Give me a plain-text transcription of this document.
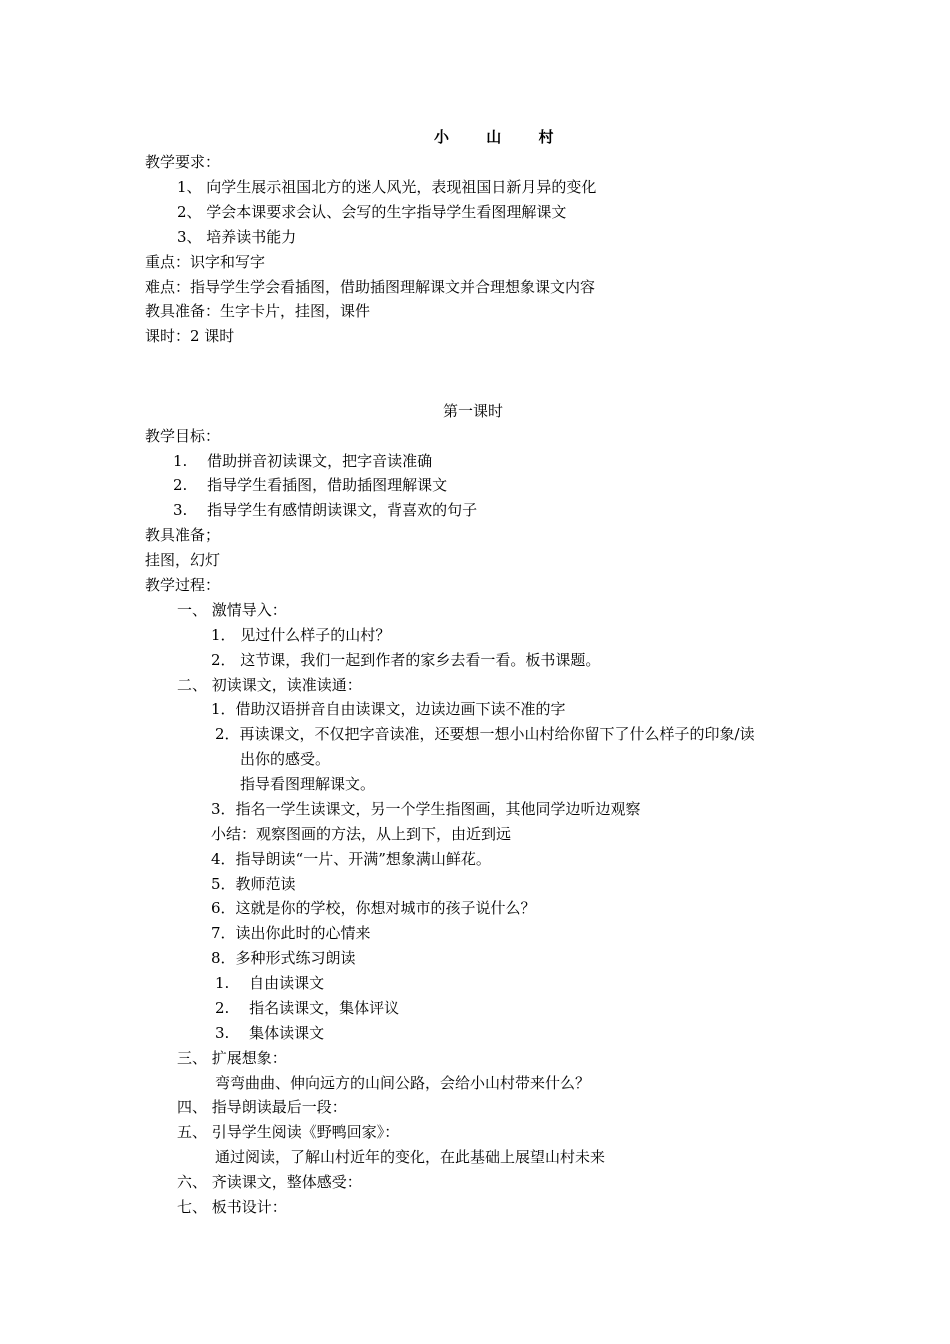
小 山 村
教学要求：
1、 向学生展示祖国北方的迷人风光，表现祖国日新月异的变化
2、 学会本课要求会认、会写的生字指导学生看图理解课文
3、 培养读书能力
重点：识字和写字
难点：指导学生学会看插图，借助插图理解课文并合理想象课文内容
教具准备：生字卡片，挂图，课件
课时：2 课时
第一课时
教学目标：
1.　 借助拼音初读课文，把字音读准确
2.　 指导学生看插图，借助插图理解课文
3.　 指导学生有感情朗读课文，背喜欢的句子
教具准备；
挂图，幻灯
教学过程：
一、 激情导入：
1． 见过什么样子的山村？
2． 这节课，我们一起到作者的家乡去看一看。板书课题。
二、 初读课文，读准读通：
1．借助汉语拼音自由读课文，边读边画下读不准的字
2．再读课文，不仅把字音读准，还要想一想小山村给你留下了什么样子的印象/读
出你的感受。
指导看图理解课文。
3．指名一学生读课文，另一个学生指图画，其他同学边听边观察
小结：观察图画的方法，从上到下，由近到远
4．指导朗读“一片、开满”想象满山鲜花。
5．教师范读
6．这就是你的学校，你想对城市的孩子说什么？
7．读出你此时的心情来
8．多种形式练习朗读
1.　 自由读课文
2.　 指名读课文，集体评议
3.　 集体读课文
三、 扩展想象：
弯弯曲曲、伸向远方的山间公路，会给小山村带来什么？
四、 指导朗读最后一段：
五、 引导学生阅读《野鸭回家》：
通过阅读，了解山村近年的变化，在此基础上展望山村未来
六、 齐读课文，整体感受：
七、 板书设计：
